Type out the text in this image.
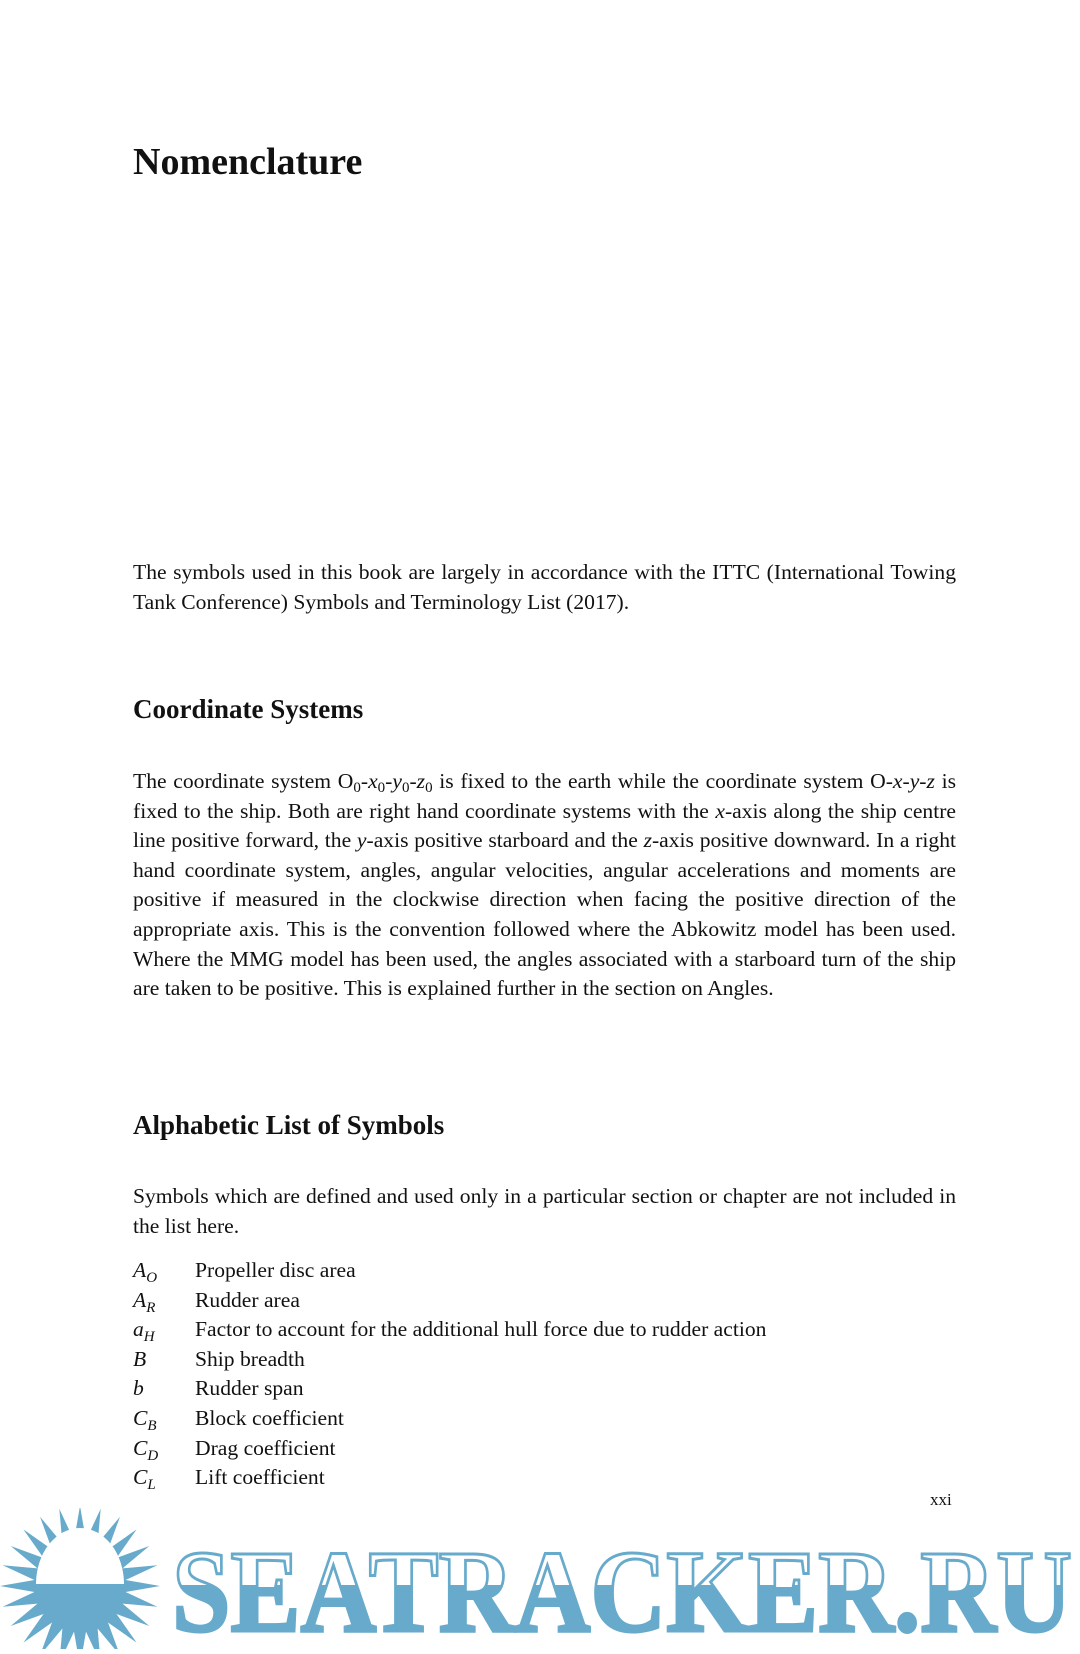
Nomenclature

The symbols used in this book are largely in accordance with the ITTC (International Towing Tank Conference) Symbols and Terminology List (2017).

Coordinate Systems

The coordinate system $O_0-x_0-y_0-z_0$ is fixed to the earth while the coordinate system O-x-y-z is fixed to the ship. Both are right hand coordinate systems with the x-axis along the ship centre line positive forward, the y-axis positive starboard and the z-axis positive downward. In a right hand coordinate system, angles, angular velocities, angular accelerations and moments are positive if measured in the clockwise direction when facing the positive direction of the appropriate axis. This is the convention followed where the Abkowitz model has been used. Where the MMG model has been used, the angles associated with a starboard turn of the ship are taken to be positive. This is explained further in the section on Angles.

Alphabetic List of Symbols

Symbols which are defined and used only in a particular section or chapter are not included in the list here.

$A_O$	Propeller disc area
$A_R$	Rudder area
$a_H$	Factor to account for the additional hull force due to rudder action
B	Ship breadth
b	Rudder span
$C_B$	Block coefficient
$C_D$	Drag coefficient
$C_L$	Lift coefficient
xxi
SEATRACKER.RU
